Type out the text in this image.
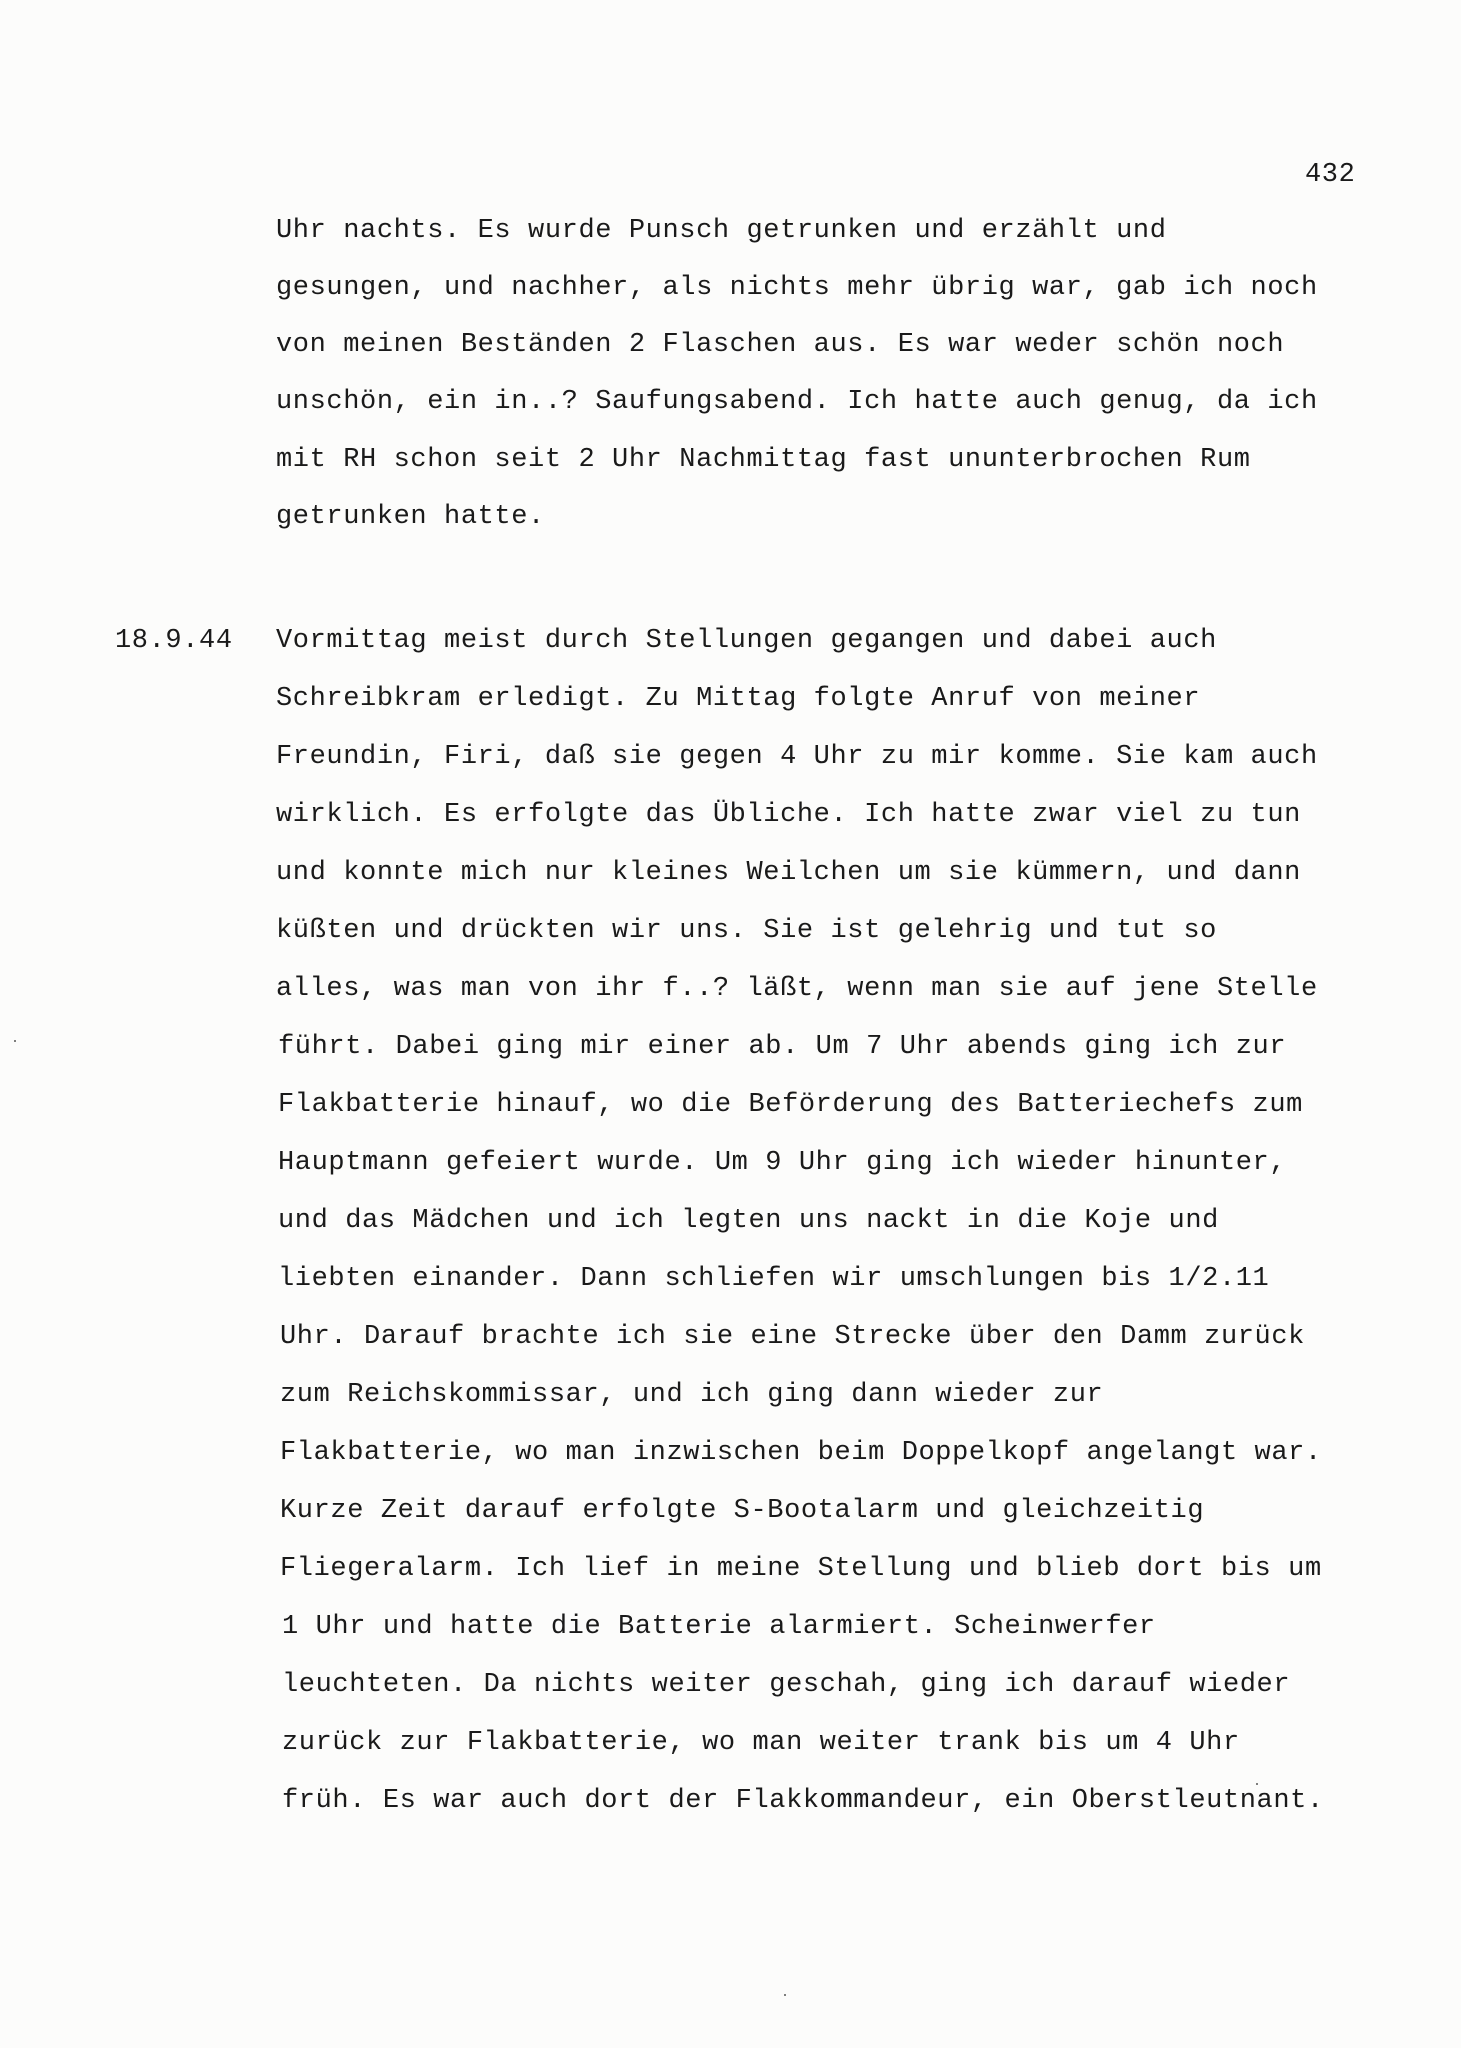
432
Uhr nachts. Es wurde Punsch getrunken und erzählt und
gesungen, und nachher, als nichts mehr übrig war, gab ich noch
von meinen Beständen 2 Flaschen aus. Es war weder schön noch
unschön, ein in..? Saufungsabend. Ich hatte auch genug, da ich
mit RH schon seit 2 Uhr Nachmittag fast ununterbrochen Rum
getrunken hatte.
18.9.44 Vormittag meist durch Stellungen gegangen und dabei auch
Schreibkram erledigt. Zu Mittag folgte Anruf von meiner
Freundin, Firi, daß sie gegen 4 Uhr zu mir komme. Sie kam auch
wirklich. Es erfolgte das Übliche. Ich hatte zwar viel zu tun
und konnte mich nur kleines Weilchen um sie kümmern, und dann
küßten und drückten wir uns. Sie ist gelehrig und tut so
alles, was man von ihr f..? läßt, wenn man sie auf jene Stelle
führt. Dabei ging mir einer ab. Um 7 Uhr abends ging ich zur
Flakbatterie hinauf, wo die Beförderung des Batteriechefs zum
Hauptmann gefeiert wurde. Um 9 Uhr ging ich wieder hinunter,
und das Mädchen und ich legten uns nackt in die Koje und
liebten einander. Dann schliefen wir umschlungen bis 1/2.11
Uhr. Darauf brachte ich sie eine Strecke über den Damm zurück
zum Reichskommissar, und ich ging dann wieder zur
Flakbatterie, wo man inzwischen beim Doppelkopf angelangt war.
Kurze Zeit darauf erfolgte S-Bootalarm und gleichzeitig
Fliegeralarm. Ich lief in meine Stellung und blieb dort bis um
1 Uhr und hatte die Batterie alarmiert. Scheinwerfer
leuchteten. Da nichts weiter geschah, ging ich darauf wieder
zurück zur Flakbatterie, wo man weiter trank bis um 4 Uhr
früh. Es war auch dort der Flakkommandeur, ein Oberstleutnant.
